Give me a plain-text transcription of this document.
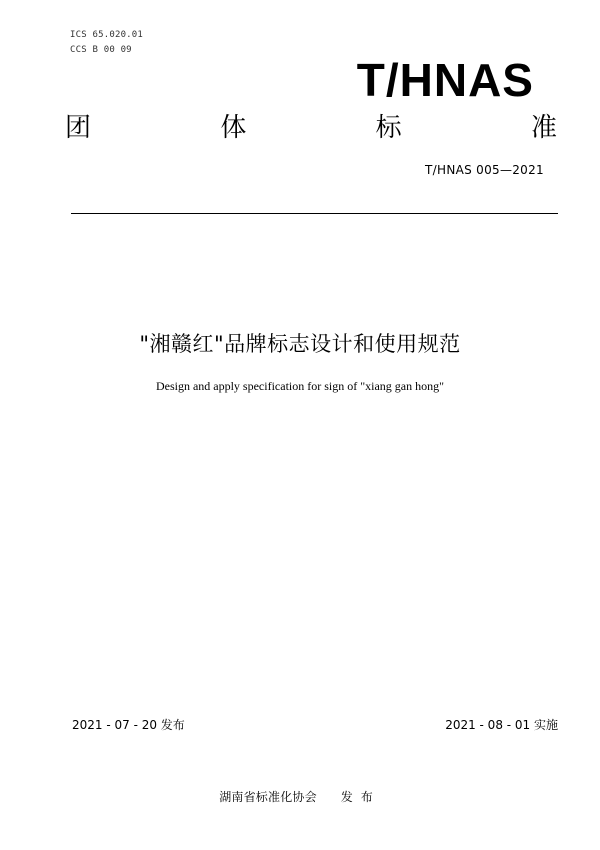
ICS 65.020.01
CCS B 00 09
T/HNAS
团	体	标	准
T/HNAS 005—2021
"湘赣红"品牌标志设计和使用规范
Design and apply specification for sign of "xiang gan hong"
2021 - 07 - 20 发布	2021 - 08 - 01 实施
湖南省标准化协会 发布
